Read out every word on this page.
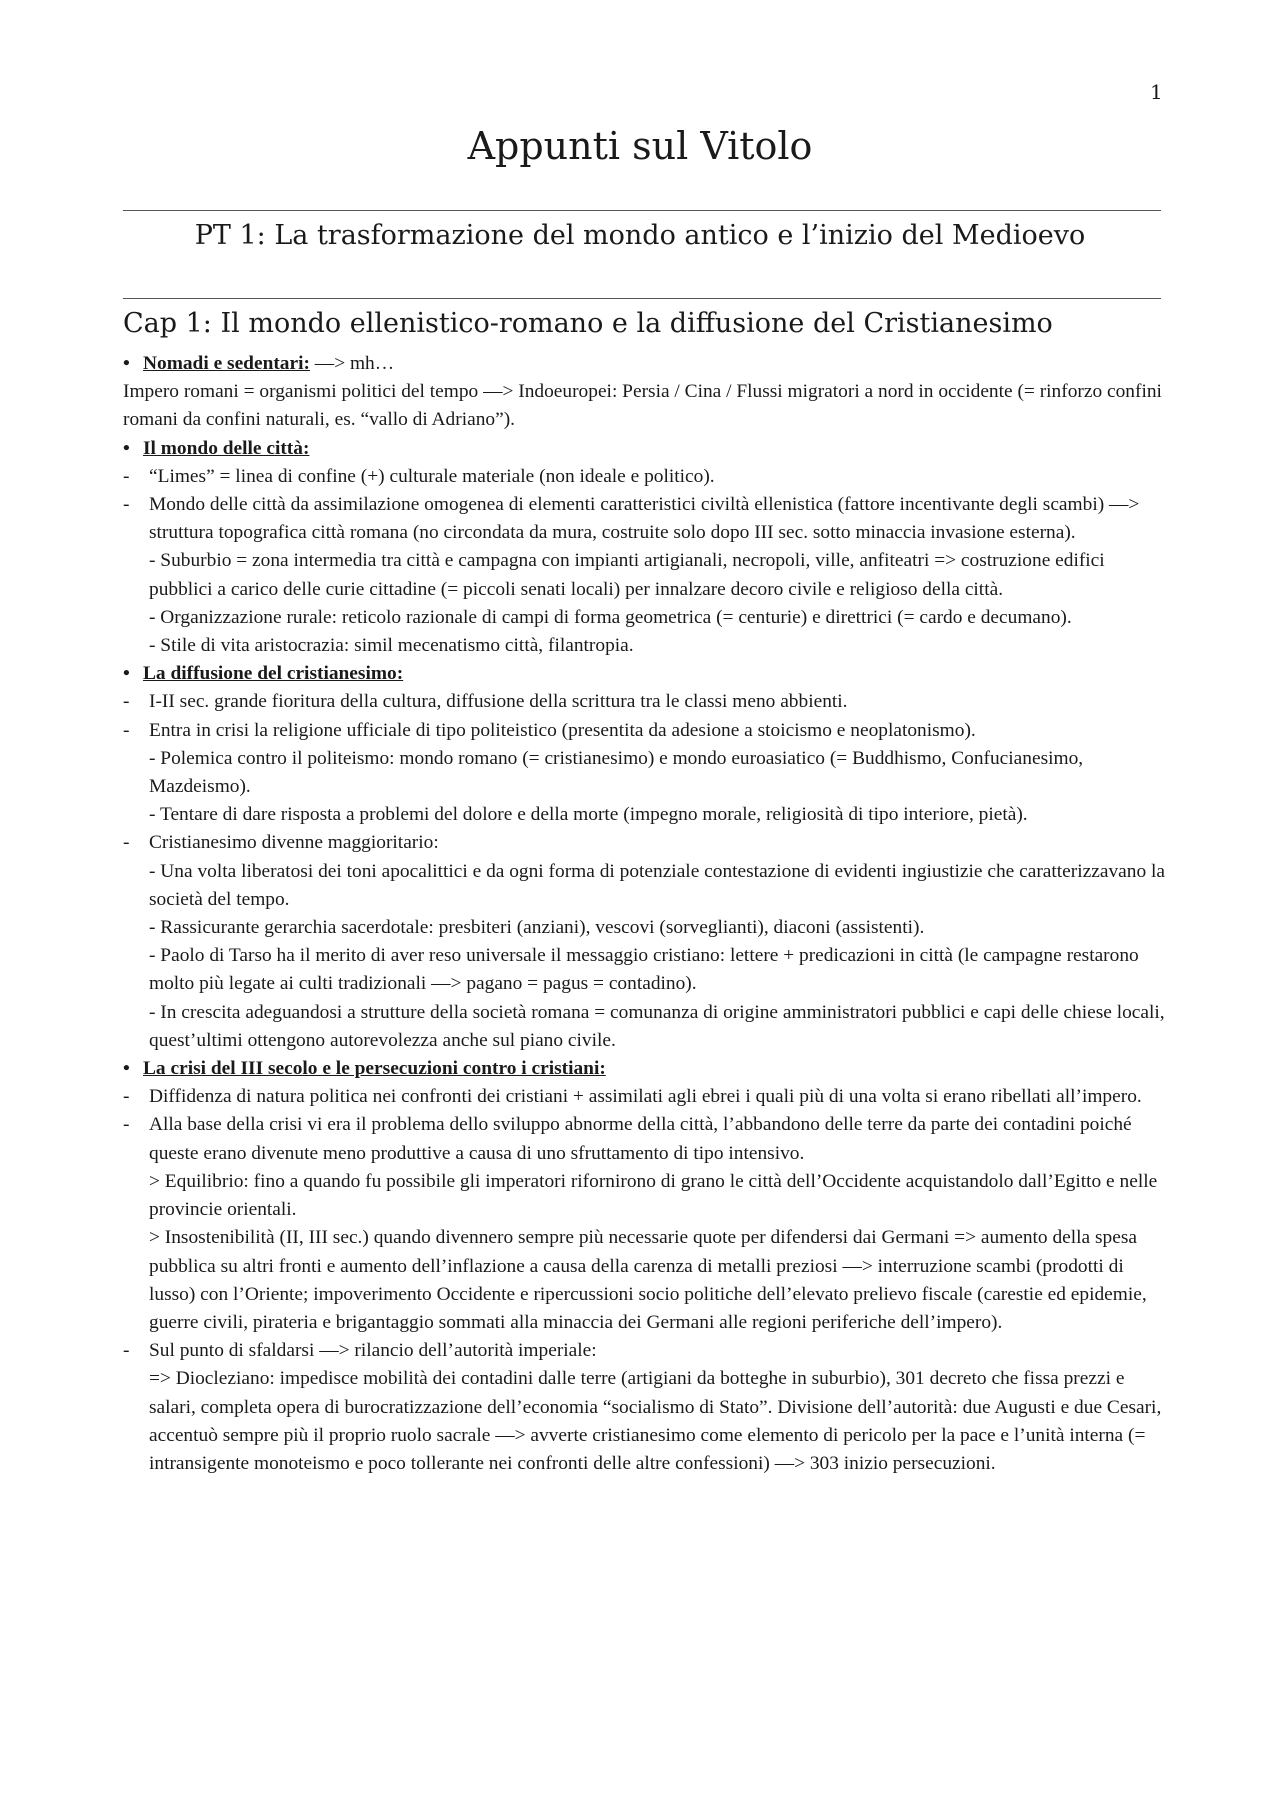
1
Appunti sul Vitolo
PT 1: La trasformazione del mondo antico e l’inizio del Medioevo
Cap 1: Il mondo ellenistico-romano e la diffusione del Cristianesimo
• Nomadi e sedentari: —> mh…

Impero romani = organismi politici del tempo —> Indoeuropei: Persia / Cina / Flussi migratori a nord in occidente (= rinforzo confini romani da confini naturali, es. “vallo di Adriano”).

• Il mondo delle città:
-	“Limes” = linea di confine (+) culturale materiale (non ideale e politico).
-	Mondo delle città da assimilazione omogenea di elementi caratteristici civiltà ellenistica (fattore incentivante degli scambi) —> struttura topografica città romana (no circondata da mura, costruite solo dopo III sec. sotto minaccia invasione esterna).
- Suburbio = zona intermedia tra città e campagna con impianti artigianali, necropoli, ville, anfiteatri => costruzione edifici pubblici a carico delle curie cittadine (= piccoli senati locali) per innalzare decoro civile e religioso della città.
- Organizzazione rurale: reticolo razionale di campi di forma geometrica (= centurie) e direttrici (= cardo e decumano).
- Stile di vita aristocrazia: simil mecenatismo città, filantropia.
• La diffusione del cristianesimo:
-	I-II sec. grande fioritura della cultura, diffusione della scrittura tra le classi meno abbienti.
-	Entra in crisi la religione ufficiale di tipo politeistico (presentita da adesione a stoicismo e neoplatonismo).
- Polemica contro il politeismo: mondo romano (= cristianesimo) e mondo euroasiatico (= Buddhismo, Confucianesimo, Mazdeismo).
- Tentare di dare risposta a problemi del dolore e della morte (impegno morale, religiosità di tipo interiore, pietà).
-	Cristianesimo divenne maggioritario:
- Una volta liberatosi dei toni apocalittici e da ogni forma di potenziale contestazione di evidenti ingiustizie che caratterizzavano la società del tempo.
- Rassicurante gerarchia sacerdotale: presbiteri (anziani), vescovi (sorveglianti), diaconi (assistenti).
- Paolo di Tarso ha il merito di aver reso universale il messaggio cristiano: lettere + predicazioni in città (le campagne restarono molto più legate ai culti tradizionali —> pagano = pagus = contadino).
- In crescita adeguandosi a strutture della società romana = comunanza di origine amministratori pubblici e capi delle chiese locali, quest’ultimi ottengono autorevolezza anche sul piano civile.
• La crisi del III secolo e le persecuzioni contro i cristiani:
-	Diffidenza di natura politica nei confronti dei cristiani + assimilati agli ebrei i quali più di una volta si erano ribellati all’impero.
-	Alla base della crisi vi era il problema dello sviluppo abnorme della città, l’abbandono delle terre da parte dei contadini poiché queste erano divenute meno produttive a causa di uno sfruttamento di tipo intensivo.
> Equilibrio: fino a quando fu possibile gli imperatori rifornirono di grano le città dell’Occidente acquistandolo dall’Egitto e nelle provincie orientali.
> Insostenibilità (II, III sec.) quando divennero sempre più necessarie quote per difendersi dai Germani => aumento della spesa pubblica su altri fronti e aumento dell’inflazione a causa della carenza di metalli preziosi —> interruzione scambi (prodotti di lusso) con l’Oriente; impoverimento Occidente e ripercussioni socio politiche dell’elevato prelievo fiscale (carestie ed epidemie, guerre civili, pirateria e brigantaggio sommati alla minaccia dei Germani alle regioni periferiche dell’impero).
-	Sul punto di sfaldarsi —> rilancio dell’autorità imperiale:
=> Diocleziano: impedisce mobilità dei contadini dalle terre (artigiani da botteghe in suburbio), 301 decreto che fissa prezzi e salari, completa opera di burocratizzazione dell’economia “socialismo di Stato”. Divisione dell’autorità: due Augusti e due Cesari, accentuò sempre più il proprio ruolo sacrale —> avverte cristianesimo come elemento di pericolo per la pace e l’unità interna (= intransigente monoteismo e poco tollerante nei confronti delle altre confessioni) —> 303 inizio persecuzioni.
